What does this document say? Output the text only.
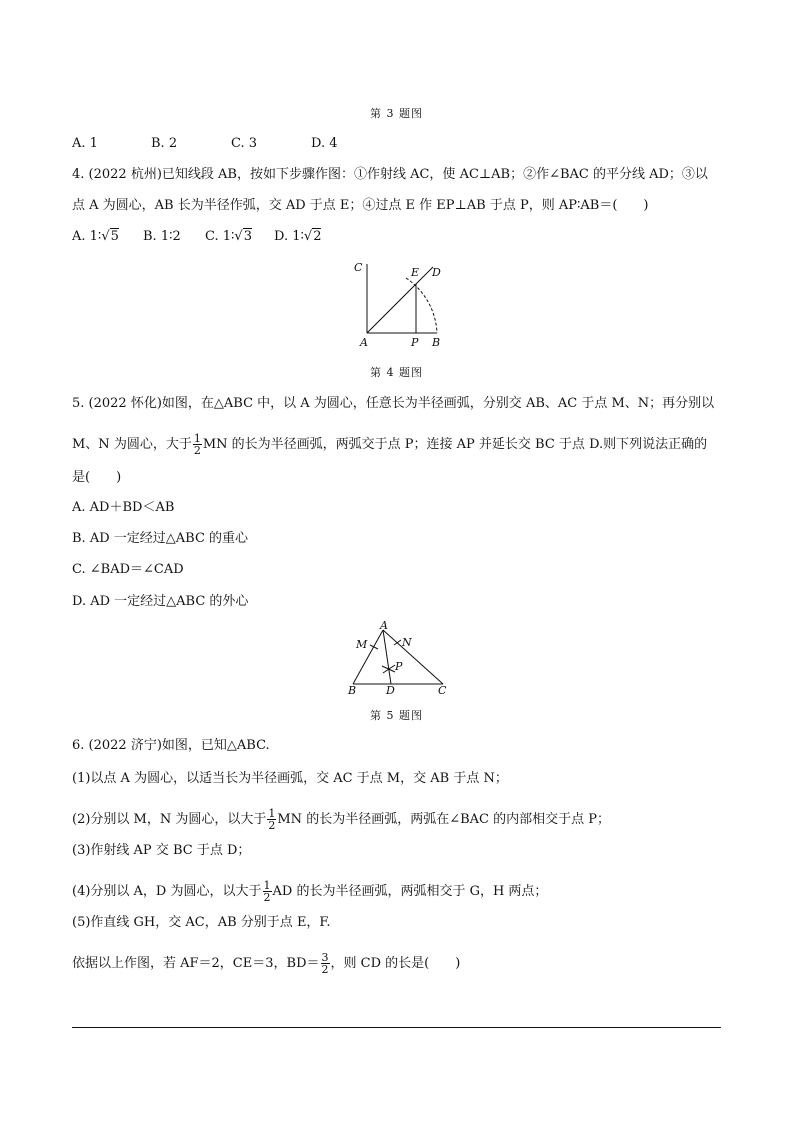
第 3 题图
A. 1	B. 2	C. 3	D. 4
4. (2022 杭州)已知线段 AB，按如下步骤作图：①作射线 AC，使 AC⊥AB；②作∠BAC 的平分线 AD；③以
点 A 为圆心，AB 长为半径作弧，交 AD 于点 E；④过点 E 作 EP⊥AB 于点 P，则 AP∶AB＝(　　)
A. 1∶√5 B. 1∶2 C. 1∶√3 D. 1∶√2
C	E D
A	P B
第 4 题图
5. (2022 怀化)如图，在△ABC 中，以 A 为圆心，任意长为半径画弧，分别交 AB、AC 于点 M、N；再分别以
M、N 为圆心，大于 $\frac{1}{2}$ MN 的长为半径画弧，两弧交于点 P；连接 AP 并延长交 BC 于点 D.则下列说法正确的
是(　　)
A. AD＋BD＜AB
B. AD 一定经过△ABC 的重心
C. ∠BAD＝∠CAD
D. AD 一定经过△ABC 的外心
A
M	N
P
B	D	C
第 5 题图
6. (2022 济宁)如图，已知△ABC.
(1)以点 A 为圆心，以适当长为半径画弧，交 AC 于点 M，交 AB 于点 N；
(2)分别以 M，N 为圆心，以大于 $\frac{1}{2}$ MN 的长为半径画弧，两弧在∠BAC 的内部相交于点 P；
(3)作射线 AP 交 BC 于点 D；
(4)分别以 A，D 为圆心，以大于 $\frac{1}{2}$ AD 的长为半径画弧，两弧相交于 G，H 两点；
(5)作直线 GH，交 AC，AB 分别于点 E，F.
依据以上作图，若 AF＝2，CE＝3，$BD= \frac{3}{2}$ ，则 CD 的长是(　　)
